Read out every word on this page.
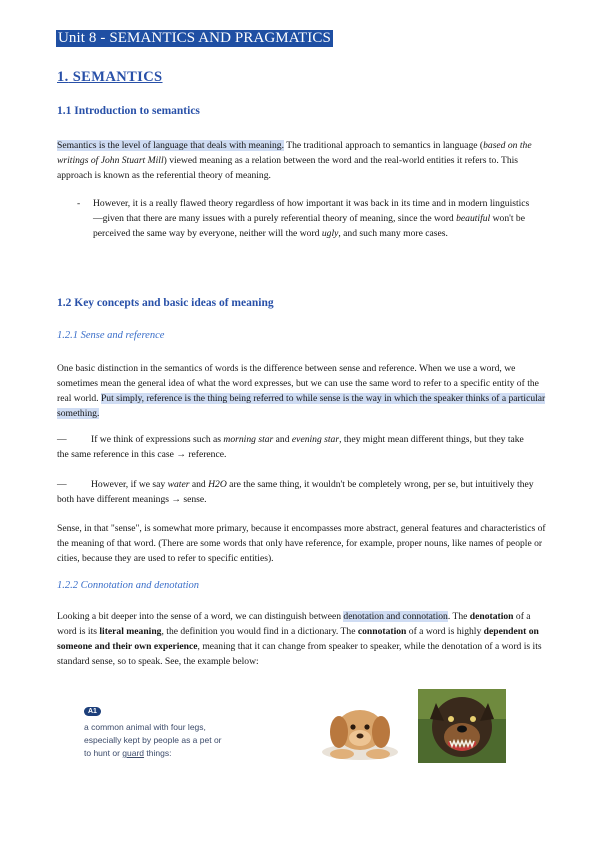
Unit 8 - SEMANTICS AND PRAGMATICS
1. SEMANTICS
1.1 Introduction to semantics
Semantics is the level of language that deals with meaning. The traditional approach to semantics in language (based on the writings of John Stuart Mill) viewed meaning as a relation between the word and the real-world entities it refers to. This approach is known as the referential theory of meaning.
- However, it is a really flawed theory regardless of how important it was back in its time and in modern linguistics —given that there are many issues with a purely referential theory of meaning, since the word beautiful won't be perceived the same way by everyone, neither will the word ugly, and such many more cases.
1.2 Key concepts and basic ideas of meaning
1.2.1 Sense and reference
One basic distinction in the semantics of words is the difference between sense and reference. When we use a word, we sometimes mean the general idea of what the word expresses, but we can use the same word to refer to a specific entity of the real world. Put simply, reference is the thing being referred to while sense is the way in which the speaker thinks of a particular something.
—	If we think of expressions such as morning star and evening star, they might mean different things, but they take the same reference in this case → reference.
—	However, if we say water and H2O are the same thing, it wouldn't be completely wrong, per se, but intuitively they both have different meanings → sense.
Sense, in that "sense", is somewhat more primary, because it encompasses more abstract, general features and characteristics of the meaning of that word. (There are some words that only have reference, for example, proper nouns, like names of people or cities, because they are used to refer to specific entities).
1.2.2 Connotation and denotation
Looking a bit deeper into the sense of a word, we can distinguish between denotation and connotation. The denotation of a word is its literal meaning, the definition you would find in a dictionary. The connotation of a word is highly dependent on someone and their own experience, meaning that it can change from speaker to speaker, while the denotation of a word is its standard sense, so to speak. See, the example below:
A1
a common animal with four legs,
especially kept by people as a pet or
to hunt or guard things:
